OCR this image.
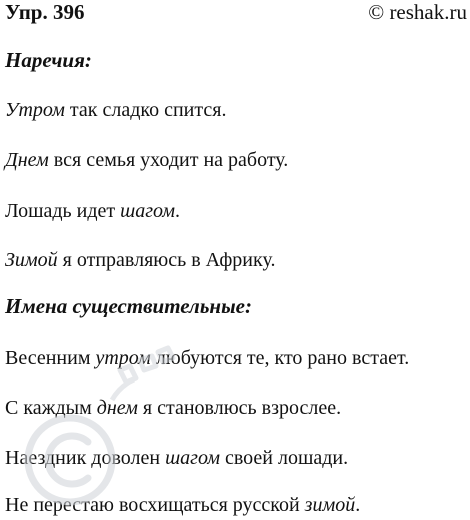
Упр. 396	© reshak.ru
Наречия:
Утром так сладко спится.
Днем вся семья уходит на работу.
Лошадь идет шагом.
Зимой я отправляюсь в Африку.
Имена существительные:
Весенним утром любуются те, кто рано встает.
С каждым днем я становлюсь взрослее.
Наездник доволен шагом своей лошади.
Не перестаю восхищаться русской зимой.
